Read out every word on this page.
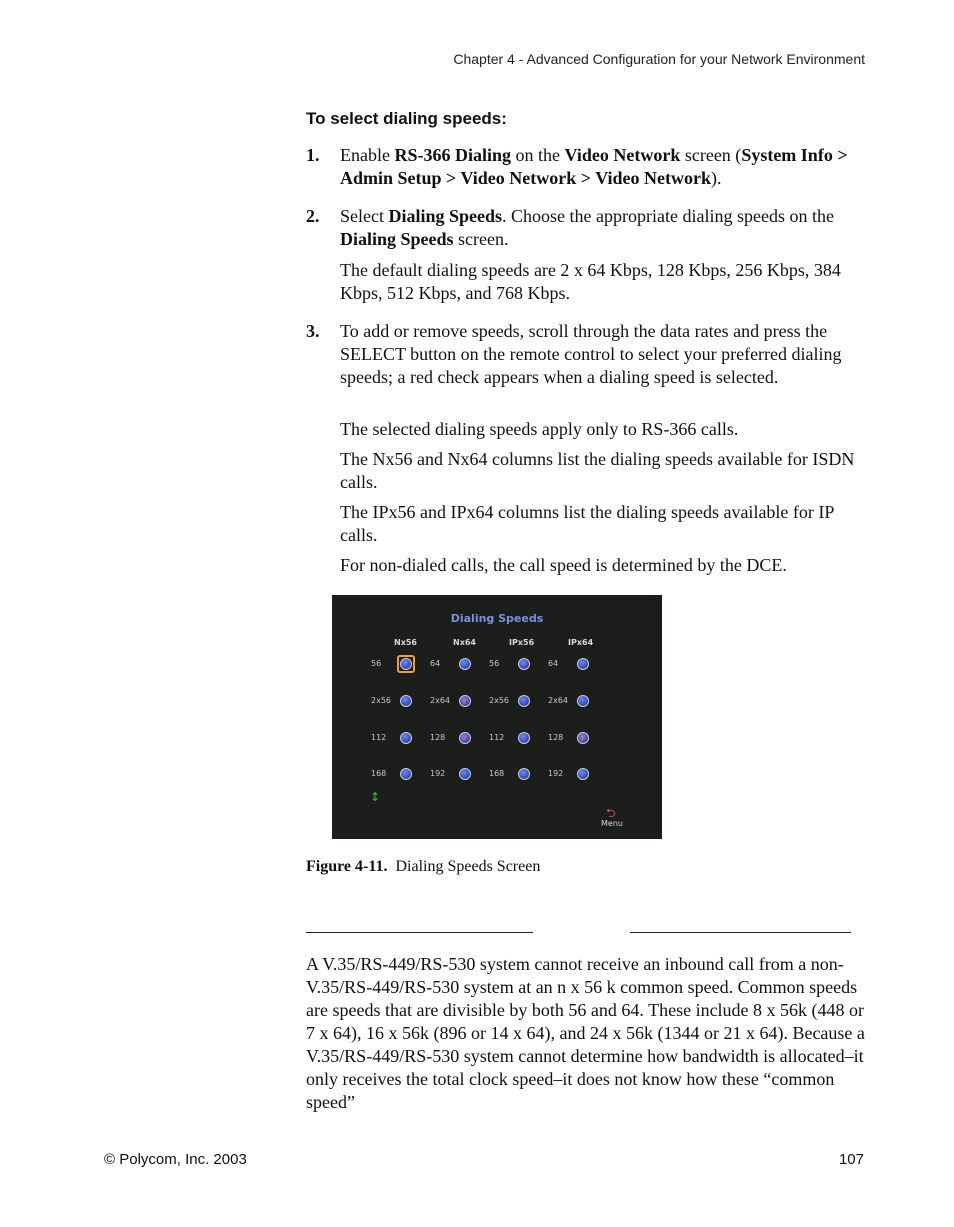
Chapter 4 - Advanced Configuration for your Network Environment
To select dialing speeds:
1. Enable RS-366 Dialing on the Video Network screen (System Info > Admin Setup > Video Network > Video Network).
2. Select Dialing Speeds. Choose the appropriate dialing speeds on the Dialing Speeds screen.
The default dialing speeds are 2 x 64 Kbps, 128 Kbps, 256 Kbps, 384 Kbps, 512 Kbps, and 768 Kbps.
3. To add or remove speeds, scroll through the data rates and press the SELECT button on the remote control to select your preferred dialing speeds; a red check appears when a dialing speed is selected.
The selected dialing speeds apply only to RS-366 calls.
The Nx56 and Nx64 columns list the dialing speeds available for ISDN calls.
The IPx56 and IPx64 columns list the dialing speeds available for IP calls.
For non-dialed calls, the call speed is determined by the DCE.
Dialing Speeds
Nx56	Nx64	IPx56	IPx64
56	64	56	64
2x56	2x64	2x56	2x64
112	128	112	128
168	192	168	192
↕
⮌
Menu
Figure 4-11. Dialing Speeds Screen
A V.35/RS-449/RS-530 system cannot receive an inbound call from a non-V.35/RS-449/RS-530 system at an n x 56 k common speed. Common speeds are speeds that are divisible by both 56 and 64. These include 8 x 56k (448 or 7 x 64), 16 x 56k (896 or 14 x 64), and 24 x 56k (1344 or 21 x 64). Because a V.35/RS-449/RS-530 system cannot determine how bandwidth is allocated–it only receives the total clock speed–it does not know how these “common speed”
© Polycom, Inc. 2003	107
